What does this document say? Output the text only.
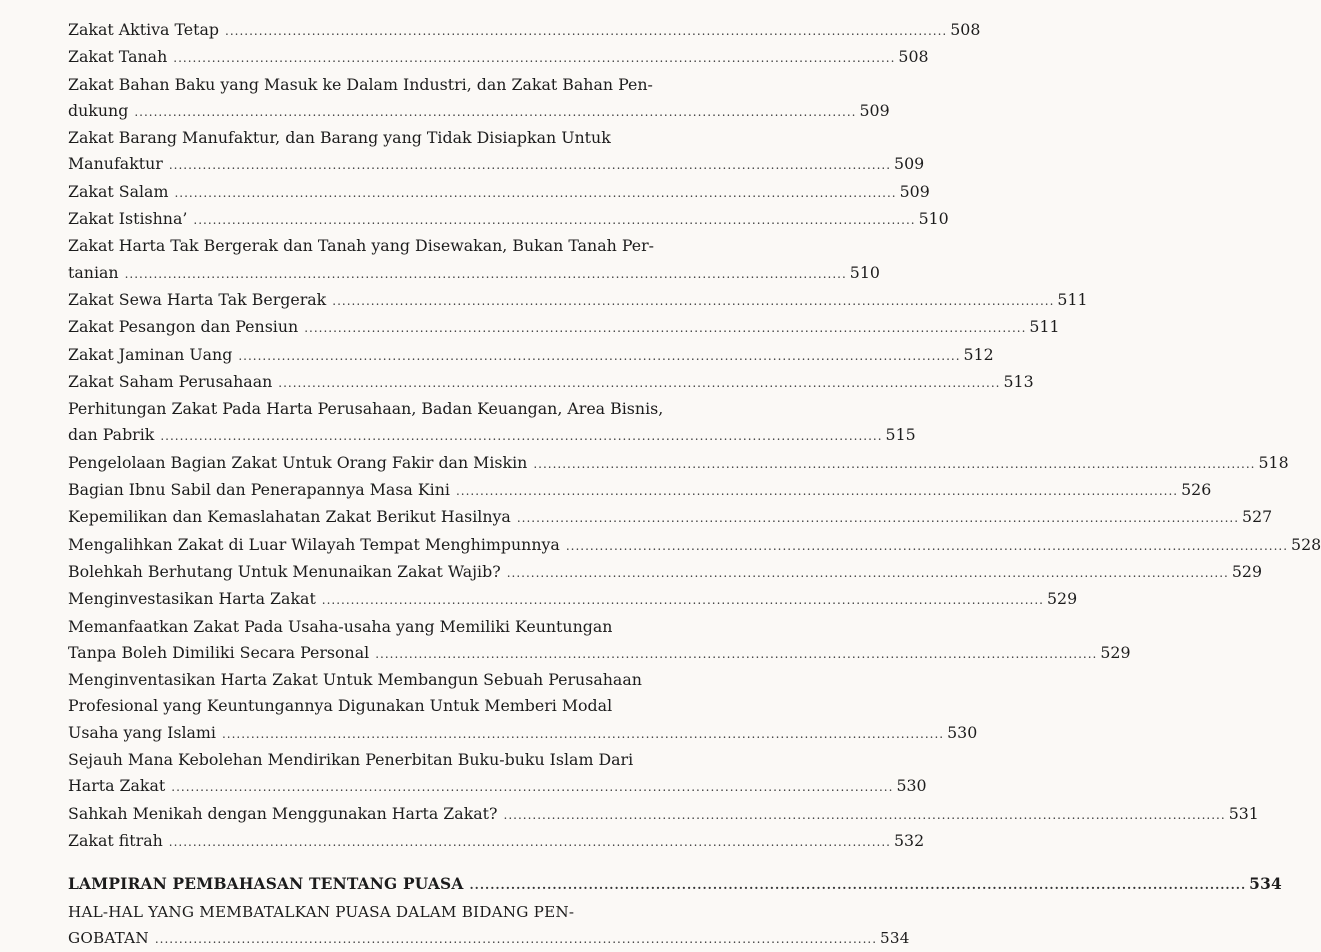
Zakat Aktiva Tetap ...................................................................................................................................................... 508
Zakat Tanah ...................................................................................................................................................... 508
Zakat Bahan Baku yang Masuk ke Dalam Industri, dan Zakat Bahan Pen-
dukung ...................................................................................................................................................... 509
Zakat Barang Manufaktur, dan Barang yang Tidak Disiapkan Untuk
Manufaktur ...................................................................................................................................................... 509
Zakat Salam ...................................................................................................................................................... 509
Zakat Istishna’ ...................................................................................................................................................... 510
Zakat Harta Tak Bergerak dan Tanah yang Disewakan, Bukan Tanah Per-
tanian ...................................................................................................................................................... 510
Zakat Sewa Harta Tak Bergerak ...................................................................................................................................................... 511
Zakat Pesangon dan Pensiun ...................................................................................................................................................... 511
Zakat Jaminan Uang ...................................................................................................................................................... 512
Zakat Saham Perusahaan ...................................................................................................................................................... 513
Perhitungan Zakat Pada Harta Perusahaan, Badan Keuangan, Area Bisnis,
dan Pabrik ...................................................................................................................................................... 515
Pengelolaan Bagian Zakat Untuk Orang Fakir dan Miskin ...................................................................................................................................................... 518
Bagian Ibnu Sabil dan Penerapannya Masa Kini ...................................................................................................................................................... 526
Kepemilikan dan Kemaslahatan Zakat Berikut Hasilnya ...................................................................................................................................................... 527
Mengalihkan Zakat di Luar Wilayah Tempat Menghimpunnya ...................................................................................................................................................... 528
Bolehkah Berhutang Untuk Menunaikan Zakat Wajib? ...................................................................................................................................................... 529
Menginvestasikan Harta Zakat ...................................................................................................................................................... 529
Memanfaatkan Zakat Pada Usaha-usaha yang Memiliki Keuntungan
Tanpa Boleh Dimiliki Secara Personal ...................................................................................................................................................... 529
Menginventasikan Harta Zakat Untuk Membangun Sebuah Perusahaan
Profesional yang Keuntungannya Digunakan Untuk Memberi Modal
Usaha yang Islami ...................................................................................................................................................... 530
Sejauh Mana Kebolehan Mendirikan Penerbitan Buku-buku Islam Dari
Harta Zakat ...................................................................................................................................................... 530
Sahkah Menikah dengan Menggunakan Harta Zakat? ...................................................................................................................................................... 531
Zakat fitrah ...................................................................................................................................................... 532
LAMPIRAN PEMBAHASAN TENTANG PUASA ...................................................................................................................................................... 534
HAL-HAL YANG MEMBATALKAN PUASA DALAM BIDANG PEN-
GOBATAN ...................................................................................................................................................... 534
